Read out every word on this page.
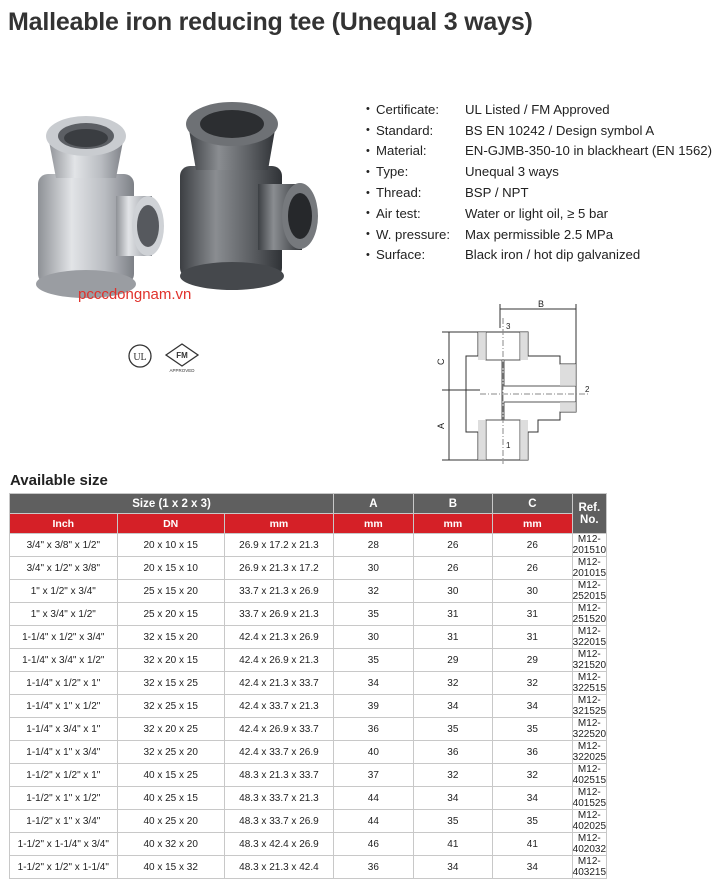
Malleable iron reducing tee (Unequal 3 ways)
pcccdongnam.vn
UL	FM
APPROVED
• Certificate:	UL Listed / FM Approved
• Standard:	BS EN 10242 / Design symbol A
• Material:	EN-GJMB-350-10 in blackheart (EN 1562)
• Type:	Unequal 3 ways
• Thread:	BSP / NPT
• Air test:	Water or light oil, ≥ 5 bar
• W. pressure:	Max permissible 2.5 MPa
• Surface:	Black iron / hot dip galvanized
B
C
A
3
2
1
Available size
Size (1 x 2 x 3)			A	B	C	Ref. No.
Inch	DN	mm	mm	mm	mm	
3/4" x 3/8" x 1/2"	20 x 10 x 15	26.9 x 17.2 x 21.3	28	26	26	M12-201510
3/4" x 1/2" x 3/8"	20 x 15 x 10	26.9 x 21.3 x 17.2	30	26	26	M12-201015
1" x 1/2" x 3/4"	25 x 15 x 20	33.7 x 21.3 x 26.9	32	30	30	M12-252015
1" x 3/4" x 1/2"	25 x 20 x 15	33.7 x 26.9 x 21.3	35	31	31	M12-251520
1-1/4" x 1/2" x 3/4"	32 x 15 x 20	42.4 x 21.3 x 26.9	30	31	31	M12-322015
1-1/4" x 3/4" x 1/2"	32 x 20 x 15	42.4 x 26.9 x 21.3	35	29	29	M12-321520
1-1/4" x 1/2" x 1"	32 x 15 x 25	42.4 x 21.3 x 33.7	34	32	32	M12-322515
1-1/4" x 1" x 1/2"	32 x 25 x 15	42.4 x 33.7 x 21.3	39	34	34	M12-321525
1-1/4" x 3/4" x 1"	32 x 20 x 25	42.4 x 26.9 x 33.7	36	35	35	M12-322520
1-1/4" x 1" x 3/4"	32 x 25 x 20	42.4 x 33.7 x 26.9	40	36	36	M12-322025
1-1/2" x 1/2" x 1"	40 x 15 x 25	48.3 x 21.3 x 33.7	37	32	32	M12-402515
1-1/2" x 1" x 1/2"	40 x 25 x 15	48.3 x 33.7 x 21.3	44	34	34	M12-401525
1-1/2" x 1" x 3/4"	40 x 25 x 20	48.3 x 33.7 x 26.9	44	35	35	M12-402025
1-1/2" x 1-1/4" x 3/4"	40 x 32 x 20	48.3 x 42.4 x 26.9	46	41	41	M12-402032
1-1/2" x 1/2" x 1-1/4"	40 x 15 x 32	48.3 x 21.3 x 42.4	36	34	34	M12-403215
